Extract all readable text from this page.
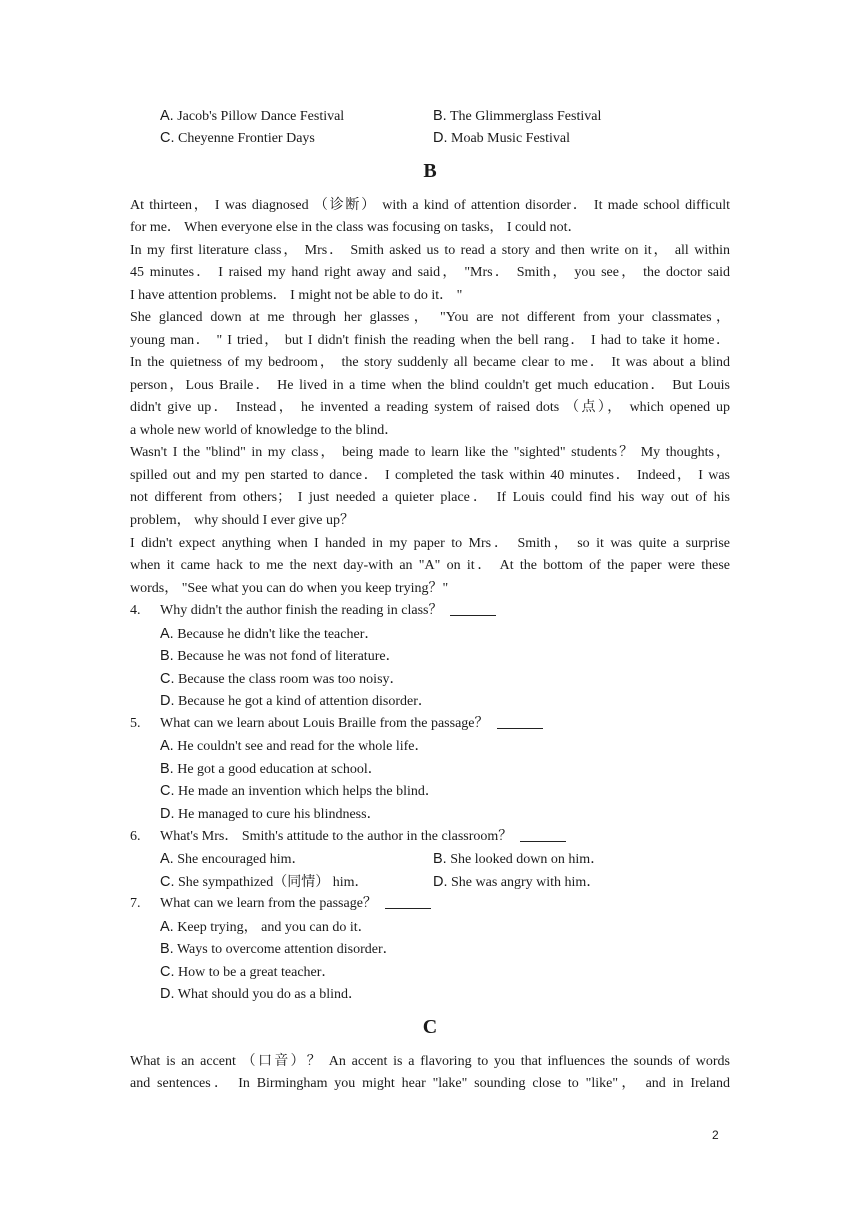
A. Jacob's Pillow Dance Festival	B. The Glimmerglass Festival
C. Cheyenne Frontier Days	D. Moab Music Festival
B
At thirteen， I was diagnosed （诊断） with a kind of attention disorder． It made school difficult
for me． When everyone else in the class was focusing on tasks， I could not．
In my first literature class， Mrs． Smith asked us to read a story and then write on it， all within
45 minutes． I raised my hand right away and said， "Mrs． Smith， you see， the doctor said
I have attention problems． I might not be able to do it． "
She glanced down at me through her glasses， "You are not different from your classmates，
young man． " I tried， but I didn't finish the reading when the bell rang． I had to take it home．
In the quietness of my bedroom， the story suddenly all became clear to me． It was about a blind
person，Lous Braile． He lived in a time when the blind couldn't get much education． But Louis
didn't give up． Instead， he invented a reading system of raised dots （点）， which opened up
a whole new world of knowledge to the blind．
Wasn't I the "blind" in my class， being made to learn like the "sighted" students？ My thoughts，
spilled out and my pen started to dance． I completed the task within 40 minutes． Indeed， I was
not different from others； I just needed a quieter place． If Louis could find his way out of his
problem， why should I ever give up？
I didn't expect anything when I handed in my paper to Mrs． Smith， so it was quite a surprise
when it came hack to me the next day-with an "A" on it． At the bottom of the paper were these
words， "See what you can do when you keep trying？"
4. Why didn't the author finish the reading in class？
A. Because he didn't like the teacher．
B. Because he was not fond of literature．
C. Because the class room was too noisy．
D. Because he got a kind of attention disorder．
5. What can we learn about Louis Braille from the passage？
A. He couldn't see and read for the whole life．
B. He got a good education at school．
C. He made an invention which helps the blind．
D. He managed to cure his blindness．
6. What's Mrs． Smith's attitude to the author in the classroom？
A. She encouraged him．	B. She looked down on him．
C. She sympathized（同情） him．	D. She was angry with him．
7. What can we learn from the passage？
A. Keep trying， and you can do it．
B. Ways to overcome attention disorder．
C. How to be a great teacher．
D. What should you do as a blind．
C
What is an accent （口音）？ An accent is a flavoring to you that influences the sounds of words
and sentences． In Birmingham you might hear "lake" sounding close to "like"， and in Ireland
2
